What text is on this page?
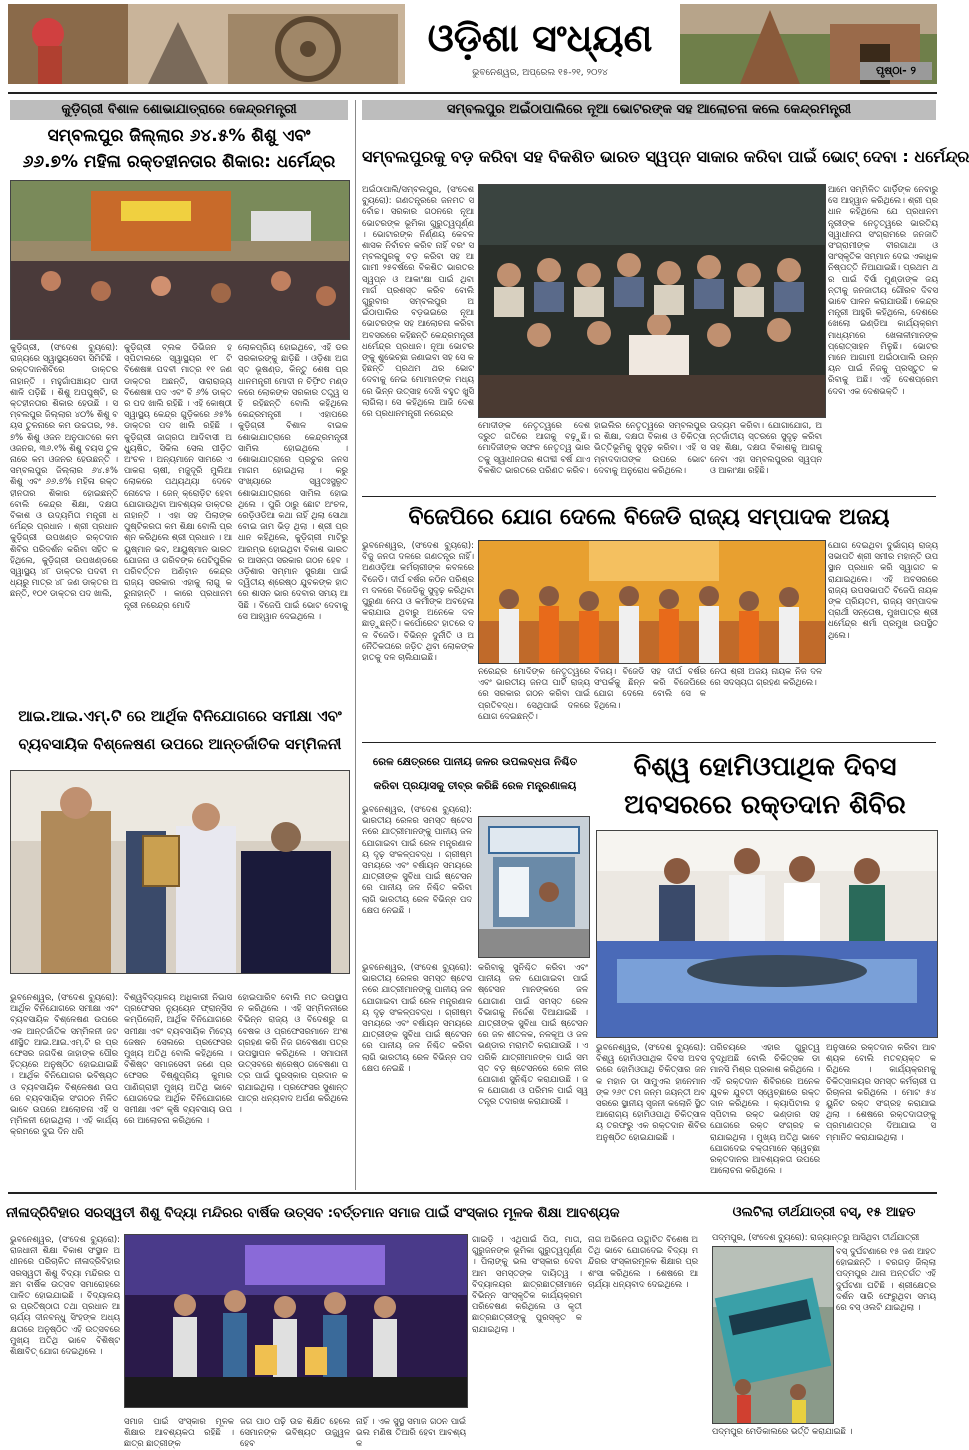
ଓଡ଼ିଶା ସଂଧ୍ୟଣ
ଭୁବନେଶ୍ୱର, ଅପ୍ରେଲ ୧୫-୨୧, ୨୦୨୪	ପୃଷ୍ଠା- ୨
କୁଡ଼ିଗ୍ରୀ ବିଶାଳ ଶୋଭାଯାତ୍ରାରେ କେନ୍ଦ୍ରମନ୍ତ୍ରୀ
ସମ୍ବଲପୁର ଜିଲ୍ଲାର ୬୪.୫% ଶିଶୁ ଏବଂ
୬୬.୭% ମହିଳା ରକ୍ତହୀନତାର ଶିକାର: ଧର୍ମେନ୍ଦ୍ର
କୁଡ଼ିଗ୍ରୀ, (ସଂଦେଶ ବ୍ୟୁରୋ): ରାଜ୍ୟରେ ସ୍ୱାସ୍ଥ୍ୟସେବା ସିମିଟିଛି । ରକ୍ତଦାନଶିବିରେ ଡାକ୍ତର ନାହାନ୍ତି । ମହୁଗାଁପଞ୍ଚାୟତ ପାଦୀ ଶାଳି ପଡ଼ିଛି । ଶିଶୁ ଅପପୁଷ୍ଟି, ରକ୍ତହୀନତାର ଶିକାର ହେଉଛି । ସମ୍ବଲପୁର ଜିଲ୍ଲାର ୪୦% ଶିଶୁ ବୟସ ତୁଳନାରେ କମ ଉଚ୍ଚତାର, ୨୫.୭% ଶିଶୁ ଓଜନ ଅନୁପାତରେ କମ ଓଜନର, ୩୬.୧% ଶିଶୁ ବୟସ ତୁଳନାରେ କମ ଓଜନର ହେଉଛନ୍ତି । ସମ୍ବଲପୁର ଜିଲ୍ଲାର ୬୪.୫% ଶିଶୁ ଏବଂ ୬୬.୭% ମହିଳା ରକ୍ତହୀନତାର ଶିକାର ହୋଇଛନ୍ତି ବୋଲି କେନ୍ଦ୍ର ଶିକ୍ଷା, ଦକ୍ଷତା ବିକାଶ ଓ ଉଦ୍ୟମିତା ମନ୍ତ୍ରୀ ଧର୍ମେନ୍ଦ୍ର ପ୍ରଧାନ । ଶ୍ରୀ ପ୍ରଧାନ କୁଡ଼ିଗ୍ରୀ ଉପଖଣ୍ଡ ରକ୍ତଦାନଶିବିର ପରିଦର୍ଶନ କରିବା ସହିତ କହିଥିଲେ, କୁଡ଼ିଗ୍ରୀ ଉପଖଣ୍ଡରେ ସ୍ୱାସ୍ଥ୍ୟ ୪୮ ଡାକ୍ତର ପଦବୀ ମଧ୍ୟରୁ ମାତ୍ର ୪୮ ଜଣ ଡାକ୍ତର ଅଛନ୍ତି, ୧୦୧ ଡାକ୍ତର ପଦ ଖାଲି,
କୁଡ଼ିଗ୍ରୀ ବ୍ଲକ ଡିଭିଜନ ହସ୍ପିଟାଲରେ ସ୍ୱାସ୍ଥ୍ୟର ୧୮ ଟି ବିଶେଷଜ୍ଞ ପଦବୀ ମାତ୍ର ୧୧ ଜଣ ଡାକ୍ତର ଅଛନ୍ତି, ସାରାରାଜ୍ୟ ବିଶେଷଜ୍ଞ ପଦ ଏବଂ ବି ୬% ଡାକ୍ତର ପଦ ଖାଲି ରହିଛି । ଏହି କୋଷ୍ଠୀ ସ୍ୱାସ୍ଥ୍ୟ କେନ୍ଦ୍ର ଗୁଡ଼ିକରେ ୬୫% ଡାକ୍ତର ପଦ ଖାଲି ରହିଛି । କୁଡ଼ିଗ୍ରୀ ଜାଗ୍ରତା ଆଦିବାସୀ ଅଧ୍ୟୁଷିତ, ସିକିଲ ସେଲ ପୀଡ଼ିତ ଅଂଚଳ । ଅନ୍ୟମାନେ ସାମରେ ଏପାକରା ଚାଷୀ, ମଜୁଦୂରି ମୁଲିଆ ଲୋକରେ ପଥ୍ୟଥ୍ୟା ଦେବେ ନୋଟେଜ । ଜେନ୍ କ୍ରୋଡ଼ିଟ ହେବା ଯୋଗାଉଥିବା ଆବଶ୍ୟକ ଡାକ୍ତର ନାହାନ୍ତି । ଏହା ସହ ପିଲାଙ୍କ ପୁଷ୍ଟିକରତା କମ ଶିକ୍ଷା ବୋଲି ପ୍ରଶ୍ନ କରିଥିଲେ ଶ୍ରୀ ପ୍ରଧାନ । ଆୟୁଷ୍ମାନ ଭବ, ଆୟୁଷ୍ମାନ ଭାରତ ଯୋଜନା ଓ ଗରିବଙ୍କ ପେଟିପୁରିକ ପରିବର୍ତ୍ତନ ଅଣିବ଼ାନ କେନ୍ଦ୍ର ରାଜ୍ୟ ସରକାର ଏହାକୁ ଲାଗୁ କରୁନାହାନ୍ତି । କାରେ ପ୍ରଧାନମନ୍ତ୍ରୀ ନରେନ୍ଦ୍ର ମୋଦି
ଲୋକପ୍ରିୟ ହୋଇଥିବେ, ଏହି ଡର ସରକାରଙ୍କୁ ଛାଡ଼ିଛି । ଓଡ଼ିଶା ଅଗସ୍ତ ଭୂଷଣ୍ଡ, କିନ୍ତୁ ଶେଷ ପ୍ରଧାନମନ୍ତ୍ରୀ ମୋଦୀ ନ ଚିଫ଼ିତ ମଣ୍ଡଳରେ ଲୋକଙ୍କ ସରକାର ତତ୍ତ୍ୱ ସହି ରହିଛନ୍ତି ବୋଲି କହିଥିଲେ କେନ୍ଦ୍ରମନ୍ତ୍ରୀ । ଏହାପରେ କୁଡ଼ିଗ୍ରୀ ବିଶାଳ ବାଇକ ଶୋଭାଯାତ୍ରାରେ କେନ୍ଦ୍ରମନ୍ତ୍ରୀ ସାମିଲ ହୋଇଥିଲେ । ଶୋଭାଯାତ୍ରାରେ ପ୍ରଚୁର ଜନସମାଗମ ହୋଇଥିଲା । କରୁ ସଂଖ୍ୟାରେ ସ୍ୱତଃସ୍ପ୍ରୃତ ଶୋଭାଯାତ୍ରାରେ ସାମିଲ ହୋଇଥିଲେ । ପୁରି ଠାରୁ ଛୋଟ ଅଂଚଳ, ରେଡ଼ିଓଡିଆ କଥା ନାହିଁ ଥିଲା ସୋଥା ବୋଇ ଜାମ ଭିଡ଼ ଥିଲା । ଶ୍ରୀ ପ୍ରଧାନ କହିଥିଲେ, କୁଡ଼ିଗ୍ରୀ ମାଟିରୁ ଆରମ୍ଭ ହୋଇଥିବା ବିକାଶ ଭାରତର ଆସନ୍ତା ସରକାର ଗଠନ ହେବ । ଓଡ଼ିଶାର ସମ୍ମାନ ସୁରକ୍ଷା ପାଇଁ ଦ୍ୱିତୀୟ ଶ୍ରେଷ୍ଠ ଯୁବକଙ୍କ ହାତରେ ଶାସନ ଭାର ଦେବାର ସମୟ ଆସିଛି । ବିଜେପି ପାଇଁ ଭୋଟ ଦେବାକୁ ସେ ଆହ୍ୱାନ ଦେଇଥିଲେ ।
ଆଇ.ଆଇ.ଏମ୍.ଟି ରେ ଆର୍ଥିକ ବିନିଯୋଗରେ ସମୀକ୍ଷା ଏବଂ
ବ୍ୟବସାୟିକ ବିଶ୍ଳେଷଣ ଉପରେ ଆନ୍ତର୍ଜାତିକ ସମ୍ମିଳନୀ
ଭୁବନେଶ୍ୱର, (ସଂଦେଶ ବ୍ୟୁରୋ): ଆର୍ଥିକ ବିନିଯୋଗରେ ସମୀକ୍ଷା ଏବଂ ବ୍ୟବସାୟିକ ବିଶ୍ଳେଷଣ ଉପରେ ଏକ ଆନ୍ତର୍ଜାତିକ ସମ୍ମିଳନୀ ଜଟଣୀସ୍ଥିତ ଆଇ.ଆଇ.ଏମ୍.ଟି ର ପ୍ରଫେସର ଜଗଦିଶ ଜାହାଙ୍କ ପୌରହିତ୍ୟରେ ଅନୁଷ୍ଠିତ ହୋଇଯାଇଛି । ଆର୍ଥିକ ବିନିଯୋଗର ଭବିଷ୍ୟତ ଓ ବ୍ୟବସାୟିକ ବିଶ୍ଳେଷଣ ଉପରେ ବ୍ୟବସାୟିକ ସଂଗଠନ ମିଳିତ ଭାବେ ଉପରେ ଆଲୋଚନା ଏହି ସମ୍ମିଳନୀ ହୋଇଥିଲା । ଏହି କାର୍ଯ୍ୟକ୍ରମରେ ଦୁଇ ଦିନ ଧରି
ବିଶ୍ୱବିଦ୍ୟାଳୟ ଅଧିକାରୀ ନିଭାସ ପ୍ରଫେସର ନ୍ୟୁୟେନ ଫ୍ରାନ୍ସିସ କମ୍ପିଲୋନି, ଆର୍ଥିକ ବିନିଯୋଗରେ ସମୀକ୍ଷା ଏବଂ ବ୍ୟବସାୟିକ ମିଟେ୍ୟଜେଷନ ସେଲରେ ପ୍ରଫେସର ମୁଖ୍ୟ ଅତିଥି ବୋଲି କହିଥିଲେ । ବିଶିଷ୍ଟ ସମାଜସେବୀ ଜଣେ ପ୍ରଫେସର ବିଷ୍ଣୁପ୍ରିୟ କୁମାର ପାଣିଗ୍ରାହୀ ମୁଖ୍ୟ ଅତିଥି ଭାବେ ଯୋଗଦେଇ ଆର୍ଥିକ ବିନିଯୋଗରେ ସମୀକ୍ଷା ଏବଂ କୃଷି ବ୍ୟବସାୟ ଉପରେ ଆଲୋଚନା କରିଥିଲେ ।
ହୋଇପାରିବ ବୋଲି ମତ ଉପସ୍ଥାପନ କରିଥିଲେ । ଏହି ସମ୍ମିଳନୀରେ ବିଭିନ୍ନ ରାଜ୍ୟ ଓ ବିଦେଶରୁ ଗବେଷକ ଓ ପ୍ରଫେସରମାନେ ଅଂଶଗ୍ରହଣ କରି ନିଜ ଗବେଷଣା ପତ୍ର ଉପସ୍ଥାପନ କରିଥିଲେ । ସମାପନୀ ଉତ୍ସବରେ ଶ୍ରେଷ୍ଠ ଗବେଷଣା ପତ୍ର ପାଇଁ ପୁରସ୍କାର ପ୍ରଦାନ କରାଯାଇଥିଲା । ପ୍ରଫେସର ସୁଶାନ୍ତ ପାତ୍ର ଧନ୍ୟବାଦ ଅର୍ପଣ କରିଥିଲେ ।
ସମ୍ବଲପୁର ଅଇଁଠାପାଲିରେ ନୂଆ ଭୋଟରଙ୍କ ସହ ଆଲୋଚନା କଲେ କେନ୍ଦ୍ରମନ୍ତ୍ରୀ
ସମ୍ବଲପୁରକୁ ବଡ଼ କରିବା ସହ ବିକଶିତ ଭାରତ ସ୍ୱପ୍ନ ସାକାର କରିବା ପାଇଁ ଭୋଟ୍ ଦେବା : ଧର୍ମେନ୍ଦ୍ର
ଅଇଁଠାପାଲି/ସମ୍ବଲପୁର, (ସଂଦେଶ ବ୍ୟୁରୋ): ଗଣତନ୍ତ୍ରରେ ଜନମତ ସର୍ବୋଚ୍ଚ। ସରକାର ଗଠନରେ ନୂଆ ଭୋଟରଙ୍କ ଭୂମିକା ଗୁରୁତ୍ୱପୂର୍ଣ୍ଣ। ଭୋଟାରଙ୍କ ନିର୍ଣ୍ଣୟ କେବଳ ଶାସକ ନିର୍ବାଚନ କରିବ ନାହିଁ ବରଂ ସମ୍ବଲପୁରକୁ ବଡ଼ କରିବା ସହ ଆଗାମୀ ୨୫ବର୍ଷରେ ବିକଶିତ ଭାରତର ସ୍ୱପ୍ନ ଓ ଆକାଂକ୍ଷା ପାଇଁ ଥିବା ମାର୍ଗ ପ୍ରଶସ୍ତ କରିବ ବୋଲି ଗୁରୁବାର ସମ୍ବଲପୁର ଅଇଁଠାପାଲିର ବଡ଼ଭଇରେ ନୂଆ ଭୋଟରଙ୍କ ସହ ଆଲୋଚନା କରିବା ଅବସରରେ କହିଛନ୍ତି କେନ୍ଦ୍ରମନ୍ତ୍ରୀ ଧର୍ମେନ୍ଦ୍ର ପ୍ରଧାନ। ନୂଆ ଭୋଟରଙ୍କୁ ଶୁଭେଚ୍ଛା ଜଣାଇବା ସହ ସେ କହିଛନ୍ତି ପ୍ରଥମ ଥର ଭୋଟ ଦେବାକୁ ନେଇ ମୋମାନଙ୍କ ମଧ୍ୟରେ ଭିନ୍ନ ଉତ୍ସାହ ଦେଖି ବହୁତ ଖୁସି ଲାଗିଲା। ସେ କହିଥିଲେ ଆଜି ଦେଶରେ ପ୍ରଧାନମନ୍ତ୍ରୀ ନରେନ୍ଦ୍ର
ମୋଦୀଙ୍କ ନେତୃତ୍ୱରେ ଦେଶ ଦ୍ରୁତ ଗତିରେ ଆଗକୁ ବଢ଼ୁଛି। ମୋଦିଜୀଙ୍କ ସଫଳ ନେତୃତ୍ୱ ଭାରତକୁ ସ୍ୱାଧୀନତାର ଶତାବ୍ଦୀ ବର୍ଷ ଯାଏ ବିକଶିତ ଭାରତରେ ପରିଣତ କରିବ।
ହାଇଲିର ନେତୃତ୍ୱରେ ସମ୍ବଲପୁରର ଶିକ୍ଷା, ଦକ୍ଷତା ବିକାଶ ଓ ଚିକିତ୍ସା ଭିତ୍ତିଭୂମିକୁ ସୁଦୃଢ଼ କରିବା। ଏହି ସମ୍ବାଦଦାତାଙ୍କ ଉପରେ ଭୋଟ ଦେବାକୁ ଅନୁରୋଧ କରିଥିଲେ।
ଉଦ୍ୟମ କରିବା। ଯୋଗାଯୋଗ, ଅନ୍ତର୍ଜାତୀୟ ସ୍ତରରେ ସୁଦୃଢ଼ କରିବା ସହ ଶିକ୍ଷା, ଦକ୍ଷତା ବିକାଶକୁ ଆଗକୁ ନେବା ଏହା ସମ୍ବଲପୁରର ସ୍ୱପ୍ନ ଓ ଆକାଂକ୍ଷା ରହିଛି।
ଆମେ ସମ୍ମିଳିତ ଗାର୍ଡ଼ିଙ୍କ ନେବାରୁ ସେ ଆହ୍ୱାନ କରିଥିଲେ। ଶ୍ରୀ ପ୍ରଧାନ କହିଥିଲେ ଯେ ପ୍ରଧାନମନ୍ତ୍ରୀଙ୍କ ନେତୃତ୍ୱରେ ଭାରତିୟ ସ୍ୱାଧୀନତା ସଂଗ୍ରାମରେ ଜନଜାତି ସଂଗ୍ରାମୀଙ୍କ ବୀରଗାଥା ଓ ସାଂସ୍କୃତିକ ସମ୍ମାନ ଦେଇ ଏକାଧିକ ନିଷ୍ପତ୍ତି ନିଆଯାଇଛି। ପ୍ରଥମ ଥର ପାଇଁ ବିର୍ସା ମୁଣ୍ଡାଙ୍କ ଜୟନ୍ତୀକୁ ଜନଜାତୀୟ ଗୌରବ ଦିବସ ଭାବେ ପାଳନ କରାଯାଉଛି। କେନ୍ଦ୍ରମନ୍ତ୍ରୀ ଆହୁରି କହିଥିଲେ, ଦେଶରେ ଖେଲୋ ଇଣ୍ଡିଆ କାର୍ଯ୍ୟକ୍ରମ ମାଧ୍ୟମରେ ଖେଳାଳୀମାନଙ୍କ ପ୍ରୋତ୍ସାହନ ମିଳୁଛି। ଭୋଟରମାନେ ଆଗାମୀ ଅଇଁଠାପାଲି ଉନ୍ନୟନ ପାଇଁ ନିଜକୁ ପ୍ରସ୍ତୁତ କରିବାକୁ ଅଛି। ଏହି ଦେଶପ୍ରେମ ଦେବା ଏକ ଦେଶଭକ୍ତି ।
ବିଜେପିରେ ଯୋଗ ଦେଲେ ବିଜେଡି ରାଜ୍ୟ ସମ୍ପାଦକ ଅଜୟ
ଭୁବନେଶ୍ୱର, (ସଂଦେଶ ବ୍ୟୁରୋ): ବିଜୁ ଜନତା ଦଳରେ ଗଣତନ୍ତ୍ର ନାହିଁ। ଅଣଓଡ଼ିଆ କର୍ମଚାରୀଙ୍କ କବଳରେ ବିଜେଡି। ଦୀର୍ଘ ବର୍ଷର କଠିନ ପରିଶ୍ରମ ଦଳରେ ବିଜେଡିକୁ ସୁଦୃଢ଼ କରିଥିବା ପୁରୁଣା ନେତା ଓ କର୍ମୀଙ୍କ ଅବହେଳା କରାଯାଉ ଥିବାରୁ ଅନେକେ ଦଳ ଛାଡ଼ୁଛନ୍ତି। କର୍ପୋରେଟ ହାତରେ ଦଳ ବିଜେଡି। ବିଭିନ୍ନ ଦୁର୍ନୀତି ଓ ଅନୈତିକତାରେ ଜଡ଼ିତ ଥିବା ଲୋକଙ୍କ ହାତକୁ ଦଳ ଚାଲିଯାଇଛି।
ନରେନ୍ଦ୍ର ମୋଦିଙ୍କ ନେତୃତ୍ୱରେ ଏବଂ ଭାରତୀୟ ଜନତା ପାର୍ଟି ରାଜ୍ୟରେ ସରକାର ଗଠନ କରିବା ପାଇଁ ପ୍ରତିବଦ୍ଧ। ସେଥିପାଇଁ ଦଳରେ ଯୋଗ ଦେଇଛନ୍ତି।
ବିଜୟ। ବିଜେଡି ସହ ଦୀର୍ଘ ବର୍ଷର ସଂପର୍କକୁ ଛିନ୍ନ କରି ବିଜେପିରେ ଯୋଗ ଦେଲେ ବୋଲି ସେ କହିଥିଲେ।
ନେତା ଶ୍ରୀ ଅଜୟ ନାୟକ ନିଜ ଦଳରେ ସଦସ୍ୟତା ଗ୍ରହଣ କରିଥିଲେ।
ଯୋଗ ଦେଇଥିବା ଦୁର୍ଭାଗ୍ୟ ରାଜ୍ୟ ସଭାପତି ଶ୍ରୀ ସମୀର ମହାନ୍ତି ଉପସ୍ଥାନ ପ୍ରଧାନ କରି ସ୍ୱାଗତ କରାଯାଇଥିଲେ। ଏହି ଅବସରରେ ରାଜ୍ୟ ଉପସଭାପତି ବିଜେପି ନାୟକଙ୍କ ପ୍ରିୟତମ, ରାଜ୍ୟ ସମ୍ପାଦକ ପ୍ରାର୍ଥୀ ସନ୍ତୋଷ, ମୁଖପାତ୍ର ଶ୍ରୀ ଧର୍ମେନ୍ଦ୍ର ଶର୍ମା ପ୍ରମୁଖ ଉପସ୍ଥିତ ଥିଲେ।
ରେଳ କ୍ଷେତ୍ରରେ ପାନୀୟ ଜଳର ଉପଲବ୍ଧତା ନିଶ୍ଚିତ
କରିବା ପ୍ରୟାସକୁ ତୀବ୍ର କରିଛି ରେଳ ମନ୍ତ୍ରଣାଳୟ
ଭୁବନେଶ୍ୱର, (ସଂଦେଶ ବ୍ୟୁରୋ): ଭାରତୀୟ ରେଳର ସମସ୍ତ ଷ୍ଟେସନରେ ଯାତ୍ରୀମାନଙ୍କୁ ପାନୀୟ ଜଳ ଯୋଗାଇବା ପାଇଁ ରେଳ ମନ୍ତ୍ରଣାଳୟ ଦୃଢ଼ ସଂକଳ୍ପବଦ୍ଧ । ଗ୍ରୀଷ୍ମ ସମୟରେ ଏବଂ ବର୍ଷାୟନ ସମୟରେ ଯାତ୍ରୀଙ୍କ ସୁବିଧା ପାଇଁ ଷ୍ଟେସନରେ ପାନୀୟ ଜଳ ନିଶ୍ଚିତ କରିବା ଲାଗି ଭାରତୀୟ ରେଳ ବିଭିନ୍ନ ପଦକ୍ଷେପ ନେଇଛି ।
କରିବାକୁ ସୁନିଶ୍ଚିତ କରିବା ଏବଂ ପାନୀୟ ଜଳ ଯୋଗାଇବା ପାଇଁ ଷ୍ଟେସନ ମାନଙ୍କରେ ଜଳ ଯୋଗାଣ ପାଇଁ ସମସ୍ତ ରେଳ ବିଭାଗକୁ ନିର୍ଦ୍ଦେଶ ଦିଆଯାଇଛି । ଯାତ୍ରୀଙ୍କ ସୁବିଧା ପାଇଁ ଷ୍ଟେସନରେ ଜଳ ଶୀତଳକ, ନଳକୂଅ ଓ ଜଳ ଭଣ୍ଡାର ମରାମତି କରାଯାଉଛି । ଏପରିକି ଯାତ୍ରୀମାନଙ୍କ ପାଇଁ ସମସ୍ତ ବଡ଼ ଷ୍ଟେସନରେ ରେଳ ନୀର ଯୋଗାଣ ସୁନିଶ୍ଚିତ କରାଯାଉଛି । ଜଳ ଯୋଗାଣ ଓ ପରିମଳ ପାଇଁ ସ୍ୱତନ୍ତ୍ର ତଦାରଖ କରାଯାଉଛି ।
ଭୁବନେଶ୍ୱର, (ସଂଦେଶ ବ୍ୟୁରୋ): ଭାରତୀୟ ରେଳର ସମସ୍ତ ଷ୍ଟେସନରେ ଯାତ୍ରୀମାନଙ୍କୁ ପାନୀୟ ଜଳ ଯୋଗାଇବା ପାଇଁ ରେଳ ମନ୍ତ୍ରଣାଳୟ ଦୃଢ଼ ସଂକଳ୍ପବଦ୍ଧ । ଗ୍ରୀଷ୍ମ ସମୟରେ ଏବଂ ବର୍ଷାୟନ ସମୟରେ ଯାତ୍ରୀଙ୍କ ସୁବିଧା ପାଇଁ ଷ୍ଟେସନରେ ପାନୀୟ ଜଳ ନିଶ୍ଚିତ କରିବା ଲାଗି ଭାରତୀୟ ରେଳ ବିଭିନ୍ନ ପଦକ୍ଷେପ ନେଇଛି ।
ବିଶ୍ୱ ହୋମିଓପାଥିକ ଦିବସ
ଅବସରରେ ରକ୍ତଦାନ ଶିବିର
ଭୁବନେଶ୍ୱର, (ସଂଦେଶ ବ୍ୟୁରୋ): ବିଶ୍ୱ ହୋମିଓପାଥିକ ଦିବସ ଅବସରରେ ହୋମିଓପାଥି ଚିକିତ୍ସାର ଜନକ ମହାନ ଡା ସାମୁଏଲ ହାନେମାନଙ୍କ ୨୬୯ ତମ ଜନ୍ମ ଜୟନ୍ତୀ ଅବସରରେ ସ୍ଥାନୀୟ ସୃଜନୀ କଲୋନି ସ୍ଥିତ ଆରୋଗ୍ୟ ହୋମିଓପାଥି ଚିକିତ୍ସାଳୟ ତରଫରୁ ଏକ ରକ୍ତଦାନ ଶିବିର ଅନୁଷ୍ଠିତ ହୋଇଯାଇଛି ।
ପରିଚୟରେ ଏହାର ଗୁରୁତ୍ୱ ବୃଦ୍ଧିଅଛି ବୋଲି ଚିକିତ୍ସକ ଡା ମାନସି ମିଶ୍ର ପ୍ରକାଶ କରିଥିଲେ । ଏହି ରକ୍ତଦାନ ଶିବିରରେ ଅନେକ ଯୁବକ ଯୁବତୀ ସ୍ୱେଚ୍ଛାରେ ରକ୍ତଦାନ କରିଥିଲେ । କ୍ୟାପିଟାଲ ହସ୍ପିଟାଲ ରକ୍ତ ଭଣ୍ଡାର ସହଯୋଗରେ ରକ୍ତ ସଂଗ୍ରହ କରାଯାଇଥିଲା । ମୁଖ୍ୟ ଅତିଥି ଭାବେ ଯୋଗଦେଇ ବକ୍ତାମାନେ ସ୍ୱେଚ୍ଛା ରକ୍ତଦାନର ଆବଶ୍ୟକତା ଉପରେ ଆଲୋଚନା କରିଥିଲେ ।
ଅନୁସାରେ ରକ୍ତଦାନ କରିବା ଆବଶ୍ୟକ ବୋଲି ମତବ୍ୟକ୍ତ କରିଥିଲେ । କାର୍ଯ୍ୟକ୍ରମକୁ ଚିକିତ୍ସାଳୟର ସମସ୍ତ କର୍ମଚାରୀ ପରିଚାଳନା କରିଥିଲେ । ମୋଟ ୫୪ ୟୁନିଟ ରକ୍ତ ସଂଗ୍ରହ କରାଯାଇଥିଲା । ଶେଷରେ ରକ୍ତଦାତାଙ୍କୁ ପ୍ରମାଣପତ୍ର ଦିଆଯାଇ ସମ୍ମାନିତ କରାଯାଇଥିଲା ।
ନୀଳାଦ୍ରିବିହାର ସରସ୍ୱତୀ ଶିଶୁ ବିଦ୍ୟା ମନ୍ଦିରର ବାର୍ଷିକ ଉତ୍ସବ :ବର୍ତ୍ତମାନ ସମାଜ ପାଇଁ ସଂସ୍କାର ମୂଳକ ଶିକ୍ଷା ଆବଶ୍ୟକ
ଭୁବନେଶ୍ୱର, (ସଂଦେଶ ବ୍ୟୁରୋ): ରାଜଧାନୀ ଶିକ୍ଷା ବିକାଶ ସଂସ୍ଥାନ ଅଧୀନରେ ପରିଚାଳିତ ନୀଳାଦ୍ରିବିହାର ସରସ୍ୱତୀ ଶିଶୁ ବିଦ୍ୟା ମନ୍ଦିରର ପଞ୍ଚମ ବାର୍ଷିକ ଉତ୍ସବ ସମାରୋହରେ ପାଳିତ ହୋଇଯାଇଛି । ବିଦ୍ୟାଳୟର ପ୍ରତିଷ୍ଠାତା ତଥା ପ୍ରଧାନ ଆଚାର୍ଯ୍ୟ ଦୀନବନ୍ଧୁ ସିଂହଙ୍କ ଅଧ୍ୟକ୍ଷତାରେ ଅନୁଷ୍ଠିତ ଏହି ଉତ୍ସବରେ ମୁଖ୍ୟ ଅତିଥି ଭାବେ ବିଶିଷ୍ଟ ଶିକ୍ଷାବିତ୍ ଯୋଗ ଦେଇଥିଲେ ।
ସମାଜ ପାଇଁ ସଂସ୍କାର ମୂଳକ ଶିକ୍ଷାର ଆବଶ୍ୟକତା ରହିଛି । ଛାତ୍ର ଛାତ୍ରୀଙ୍କ
ଜଗ ପାଠ ପଢ଼ି ଉଚ୍ଚ ଶିକ୍ଷିତ ହେଲେ ସେମାନଙ୍କ ଭବିଷ୍ୟତ ଉଜ୍ଜ୍ୱଳ ହେବ
ନାହିଁ । ଏକ ସୁସ୍ଥ ସମାଜ ଗଠନ ପାଇଁ ଭଲ ମଣିଷ ତିଆରି ହେବା ଆବଶ୍ୟକ
ଗାଇଡ଼ି । ଏଥିପାଇଁ ପିତା, ମାତା, ଗୁରୁଜନଙ୍କ ଭୂମିକା ଗୁରୁତ୍ୱପୂର୍ଣ୍ଣ । ପିଲାଙ୍କୁ ଭଲ ସଂସ୍କାର ଦେବା ଆମ ସମସ୍ତଙ୍କ ଦାୟିତ୍ୱ । ବିଦ୍ୟାଳୟର ଛାତ୍ରଛାତ୍ରୀମାନେ ବିଭିନ୍ନ ସାଂସ୍କୃତିକ କାର୍ଯ୍ୟକ୍ରମ ପରିବେଷଣ କରିଥିଲେ ଓ କୃତୀ ଛାତ୍ରଛାତ୍ରୀଙ୍କୁ ପୁରସ୍କୃତ କରାଯାଇଥିଲା ।
ନାଗ ଅଭିନେତା ଉଦ୍ଘାଟିତ ବିଶେଷ ଅତିଥି ଭାବେ ଯୋଗଦେଇ ବିଦ୍ୟା ମନ୍ଦିରର ସଂସ୍କାରମୂଳକ ଶିକ୍ଷାର ପ୍ରଶଂସା କରିଥିଲେ । ଶେଷରେ ଆଚାର୍ଯ୍ୟା ଧନ୍ୟବାଦ ଦେଇଥିଲେ ।
ଓଲଟିଲା ତୀର୍ଥଯାତ୍ରୀ ବସ୍, ୧୫ ଆହତ
ପଦ୍ମପୁର, (ସଂଦେଶ ବ୍ୟୁରୋ): ରାଜ୍ୟାନ୍ତରୁ ଆସିଥିବା ତୀର୍ଥଯାତ୍ରୀ
ବସ୍ ଦୁର୍ଘଟଣାରେ ୧୫ ଜଣ ଆହତ ହୋଇଛନ୍ତି । ବରଗଡ଼ ଜିଲ୍ଲା ପଦ୍ମପୁର ଥାନା ଅନ୍ତର୍ଗତ ଏହି ଦୁର୍ଘଟଣା ଘଟିଛି । ଶ୍ରୀକ୍ଷେତ୍ର ଦର୍ଶନ ସାରି ଫେରୁଥିବା ସମୟରେ ବସ୍ ଓଲଟି ଯାଇଥିଲା ।
ପଦ୍ମପୁର ମେଡିକାଲରେ ଭର୍ତ୍ତି କରାଯାଇଛି ।
